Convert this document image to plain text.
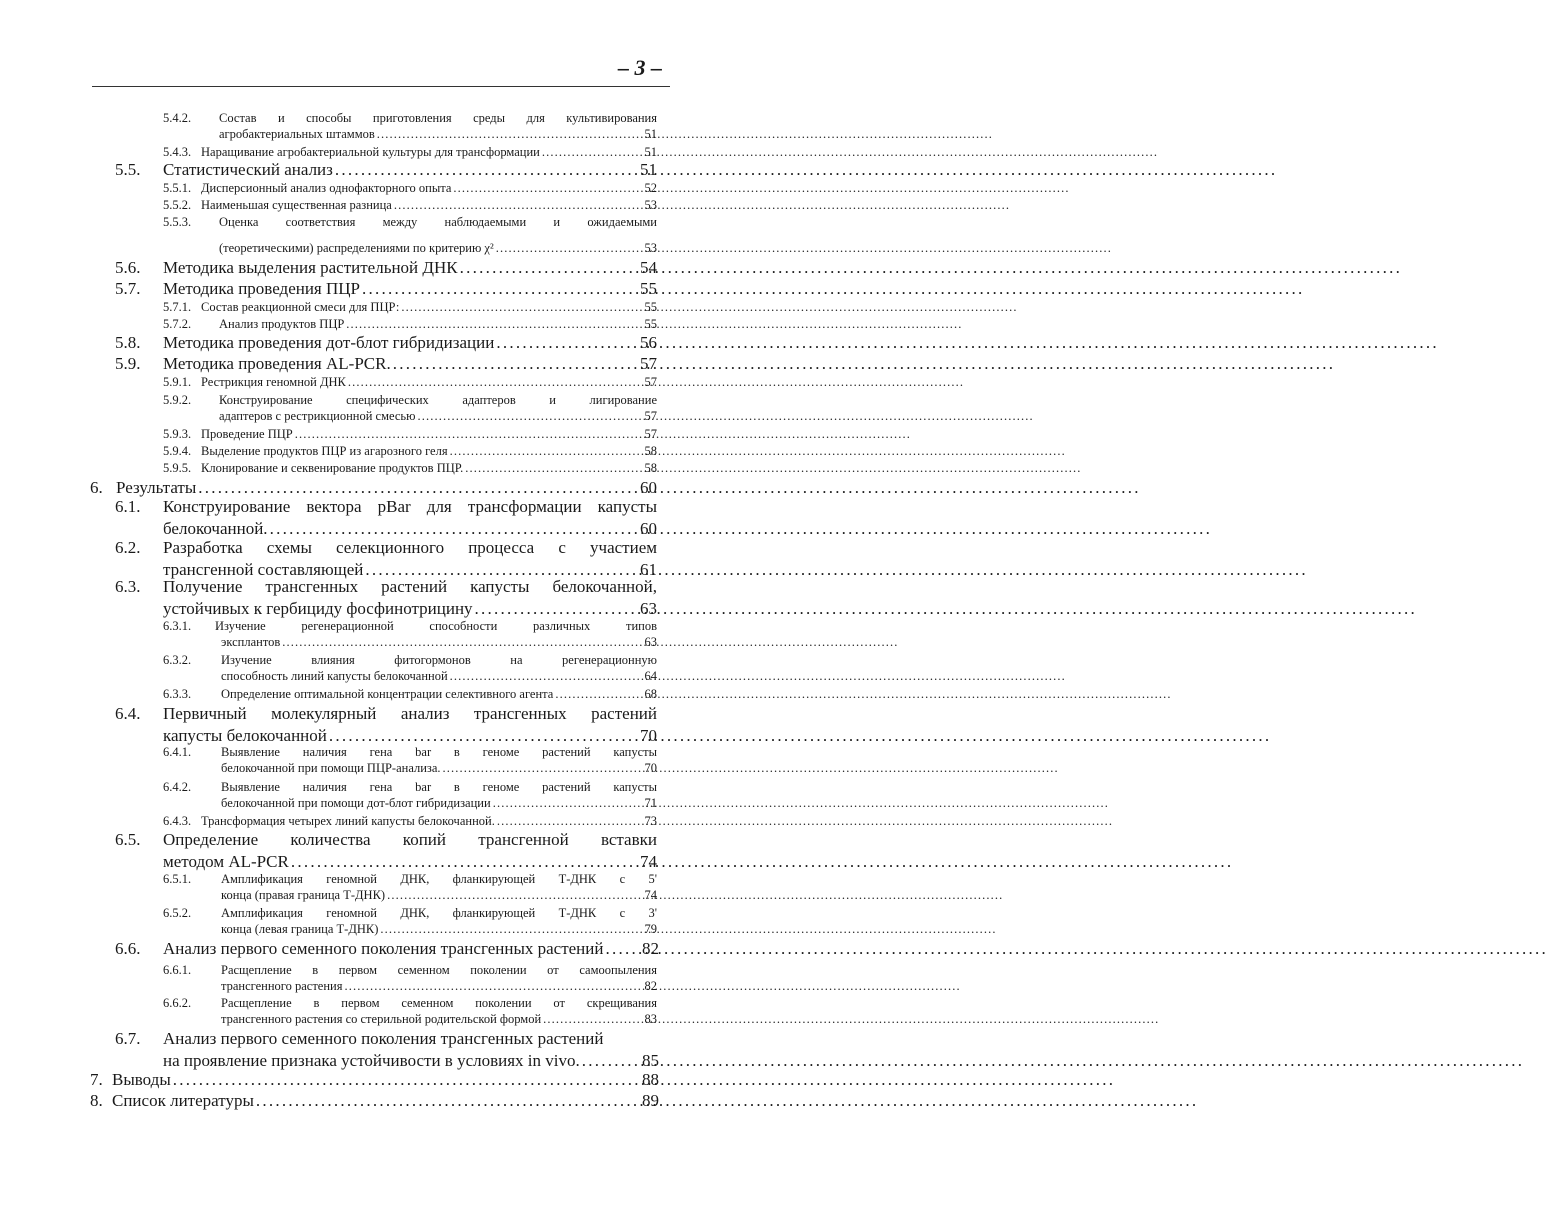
– 3 –
5.4.2.	Состав и способы приготовления среды для культивирования
агробактериальных штаммов . . .	51
5.4.3. Наращивание агробактериальной культуры для трансформации . . .	51
5.5.	Статистический анализ . . .	51
5.5.1. Дисперсионный анализ однофакторного опыта . . .	52
5.5.2. Наименьшая существенная разница . . .	53
5.5.3.	Оценка соответствия между наблюдаемыми и ожидаемыми
(теоретическими) распределениями по критерию χ² . . .	53
5.6.	Методика выделения растительной ДНК . . .	54
5.7.	Методика проведения ПЦР . . .	55
5.7.1. Состав реакционной смеси для ПЦР: . . .	55
5.7.2.	Анализ продуктов ПЦР . . .	55
5.8.	Методика проведения дот-блот гибридизации . . .	56
5.9.	Методика проведения AL-PCR. . . .	57
5.9.1. Рестрикция геномной ДНК . . .	57
5.9.2.	Конструирование специфических адаптеров и лигирование
адаптеров с рестрикционной смесью . . .	57
5.9.3. Проведение ПЦР . . .	57
5.9.4. Выделение продуктов ПЦР из агарозного геля . . .	58
5.9.5. Клонирование и секвенирование продуктов ПЦР. . . .	58
6. Результаты . . .	60
6.1.	Конструирование вектора pBar для трансформации капусты
белокочанной. . . .	60
6.2.	Разработка схемы селекционного процесса с участием
трансгенной составляющей . . .	61
6.3.	Получение трансгенных растений капусты белокочанной,
устойчивых к гербициду фосфинотрицину . . .	63
6.3.1.	Изучение регенерационной способности различных типов
эксплантов . . .	63
6.3.2.	Изучение влияния фитогормонов на регенерационную
способность линий капусты белокочанной . . .	64
6.3.3.	Определение оптимальной концентрации селективного агента . . .	68
6.4.	Первичный молекулярный анализ трансгенных растений
капусты белокочанной . . .	70
6.4.1.	Выявление наличия гена bar в геноме растений капусты
белокочанной при помощи ПЦР-анализа. . . .	70
6.4.2.	Выявление наличия гена bar в геноме растений капусты
белокочанной при помощи дот-блот гибридизации . . .	71
6.4.3. Трансформация четырех линий капусты белокочанной. . . .	73
6.5.	Определение количества копий трансгенной вставки
методом AL-PCR . . .	74
6.5.1.	Амплификация геномной ДНК, фланкирующей Т-ДНК с 5'
конца (правая граница Т-ДНК) . . .	74
6.5.2.	Амплификация геномной ДНК, фланкирующей Т-ДНК с 3'
конца (левая граница Т-ДНК) . . .	79
6.6.	Анализ первого семенного поколения трансгенных растений . . . 82
6.6.1.	Расщепление в первом семенном поколении от самоопыления
трансгенного растения . . .	82
6.6.2.	Расщепление в первом семенном поколении от скрещивания
трансгенного растения со стерильной родительской формой . . .	83
6.7.	Анализ первого семенного поколения трансгенных растений
на проявление признака устойчивости в условиях in vivo. . . .	85
7. Выводы . . .	88
8. Список литературы . . .	89
